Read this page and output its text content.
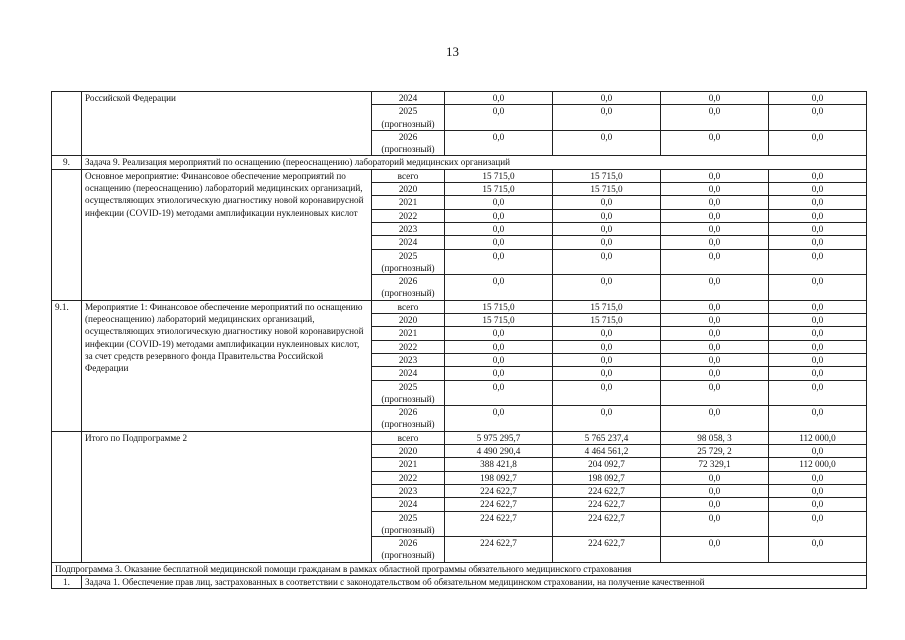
13
	Российской Федерации	2024	0,0	0,0	0,0	0,0
		2025 (прогнозный)	0,0	0,0	0,0	0,0
		2026 (прогнозный)	0,0	0,0	0,0	0,0
9.	Задача 9. Реализация мероприятий по оснащению (переоснащению) лабораторий медицинских организаций					
	Основное мероприятие: Финансовое обеспечение мероприятий по оснащению (переоснащению) лабораторий медицинских организаций, осуществляющих этиологическую диагностику новой коронавирусной инфекции (COVID-19) методами амплификации нуклеиновых кислот	всего	15 715,0	15 715,0	0,0	0,0
		2020	15 715,0	15 715,0	0,0	0,0
		2021	0,0	0,0	0,0	0,0
		2022	0,0	0,0	0,0	0,0
		2023	0,0	0,0	0,0	0,0
		2024	0,0	0,0	0,0	0,0
		2025 (прогнозный)	0,0	0,0	0,0	0,0
		2026 (прогнозный)	0,0	0,0	0,0	0,0
9.1.	Мероприятие 1: Финансовое обеспечение мероприятий по оснащению (переоснащению) лабораторий медицинских организаций, осуществляющих этиологическую диагностику новой коронавирусной инфекции (COVID-19) методами амплификации нуклеиновых кислот, за счет средств резервного фонда Правительства Российской Федерации	всего	15 715,0	15 715,0	0,0	0,0
		2020	15 715,0	15 715,0	0,0	0,0
		2021	0,0	0,0	0,0	0,0
		2022	0,0	0,0	0,0	0,0
		2023	0,0	0,0	0,0	0,0
		2024	0,0	0,0	0,0	0,0
		2025 (прогнозный)	0,0	0,0	0,0	0,0
		2026 (прогнозный)	0,0	0,0	0,0	0,0
	Итого по Подпрограмме 2	всего	5 975 295,7	5 765 237,4	98 058, 3	112 000,0
		2020	4 490 290,4	4 464 561,2	25 729, 2	0,0
		2021	388 421,8	204 092,7	72 329,1	112 000,0
		2022	198 092,7	198 092,7	0,0	0,0
		2023	224 622,7	224 622,7	0,0	0,0
		2024	224 622,7	224 622,7	0,0	0,0
		2025 (прогнозный)	224 622,7	224 622,7	0,0	0,0
		2026 (прогнозный)	224 622,7	224 622,7	0,0	0,0
Подпрограмма 3. Оказание бесплатной медицинской помощи гражданам в рамках областной программы обязательного медицинского страхования						
1.	Задача 1. Обеспечение прав лиц, застрахованных в соответствии с законодательством об обязательном медицинском страховании, на получение качественной					
